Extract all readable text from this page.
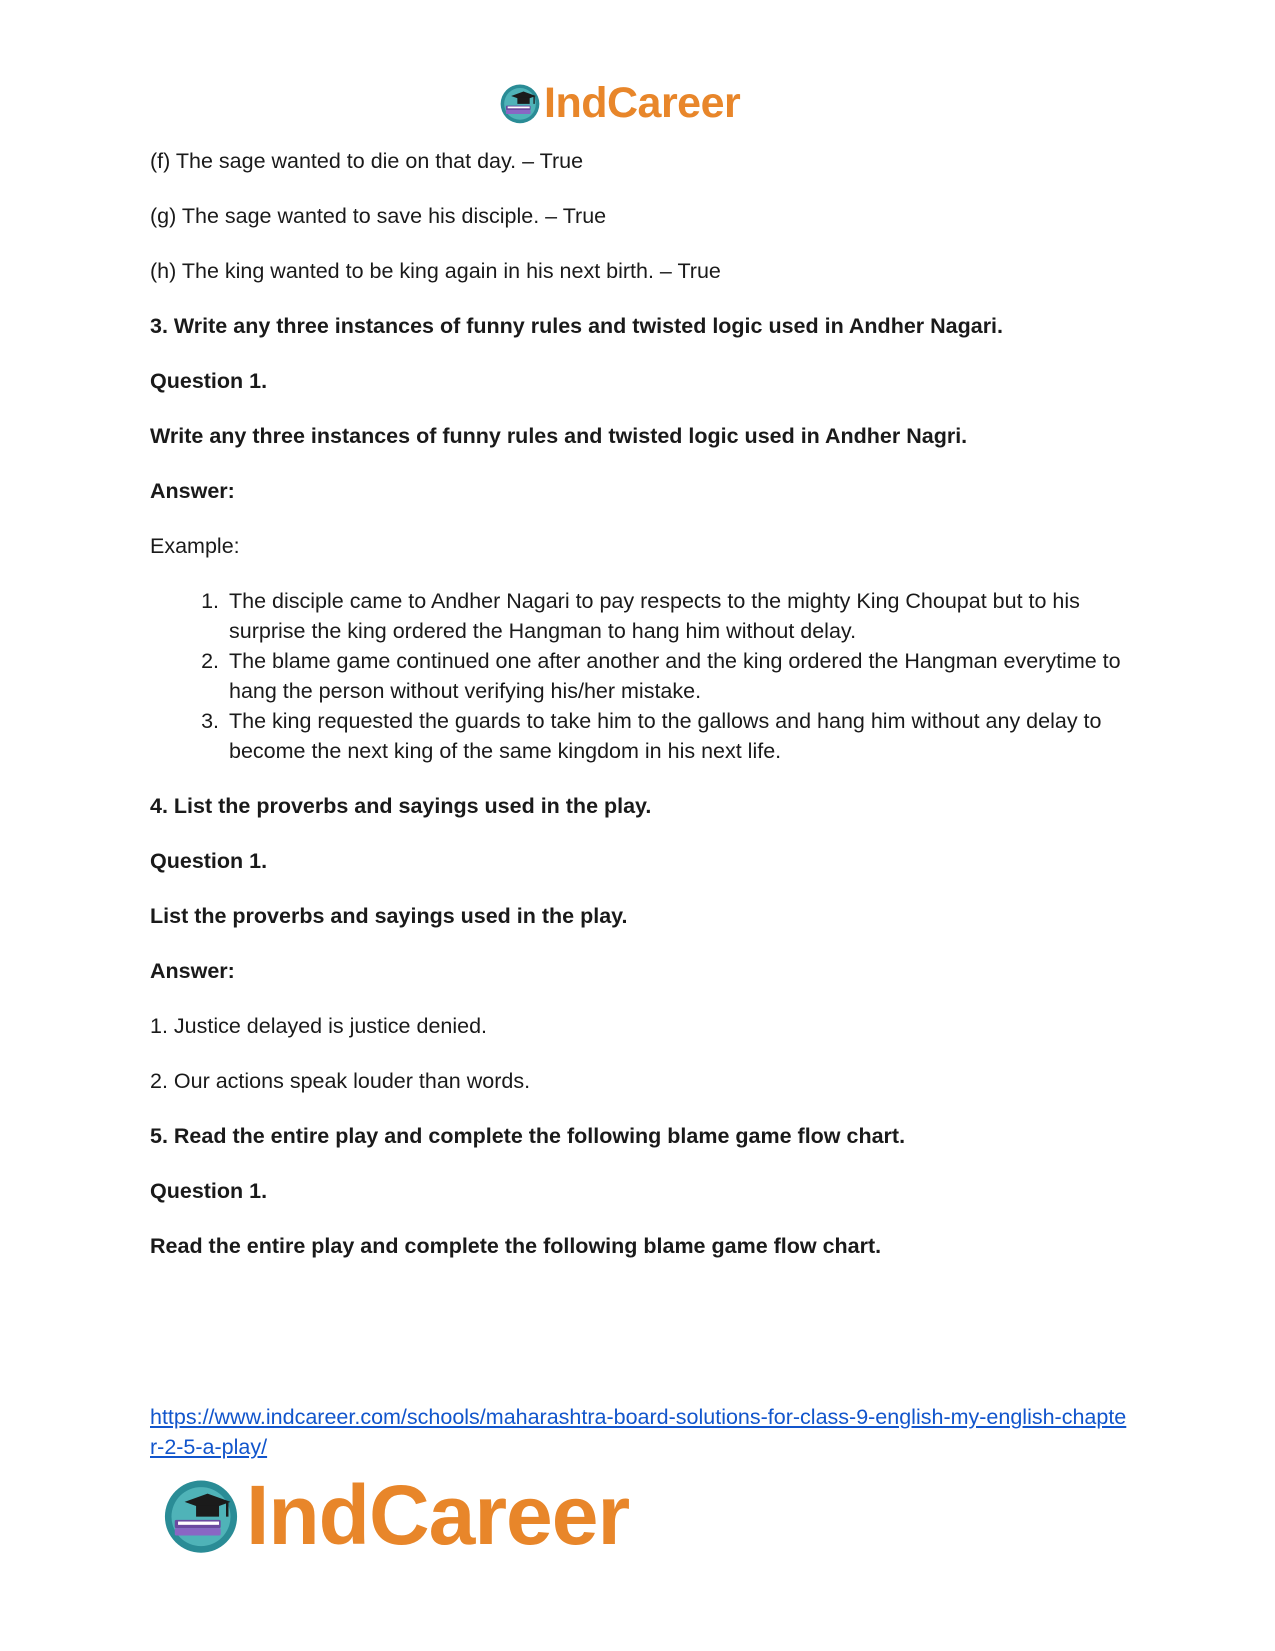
IndCareer

(f) The sage wanted to die on that day. – True

(g) The sage wanted to save his disciple. – True

(h) The king wanted to be king again in his next birth. – True

3. Write any three instances of funny rules and twisted logic used in Andher Nagari.

Question 1.

Write any three instances of funny rules and twisted logic used in Andher Nagri.

Answer:

Example:

1. The disciple came to Andher Nagari to pay respects to the mighty King Choupat but to his surprise the king ordered the Hangman to hang him without delay.
2. The blame game continued one after another and the king ordered the Hangman everytime to hang the person without verifying his/her mistake.
3. The king requested the guards to take him to the gallows and hang him without any delay to become the next king of the same kingdom in his next life.

4. List the proverbs and sayings used in the play.

Question 1.

List the proverbs and sayings used in the play.

Answer:

1. Justice delayed is justice denied.

2. Our actions speak louder than words.

5. Read the entire play and complete the following blame game flow chart.

Question 1.

Read the entire play and complete the following blame game flow chart.

https://www.indcareer.com/schools/maharashtra-board-solutions-for-class-9-english-my-english-chapter-2-5-a-play/
IndCareer
